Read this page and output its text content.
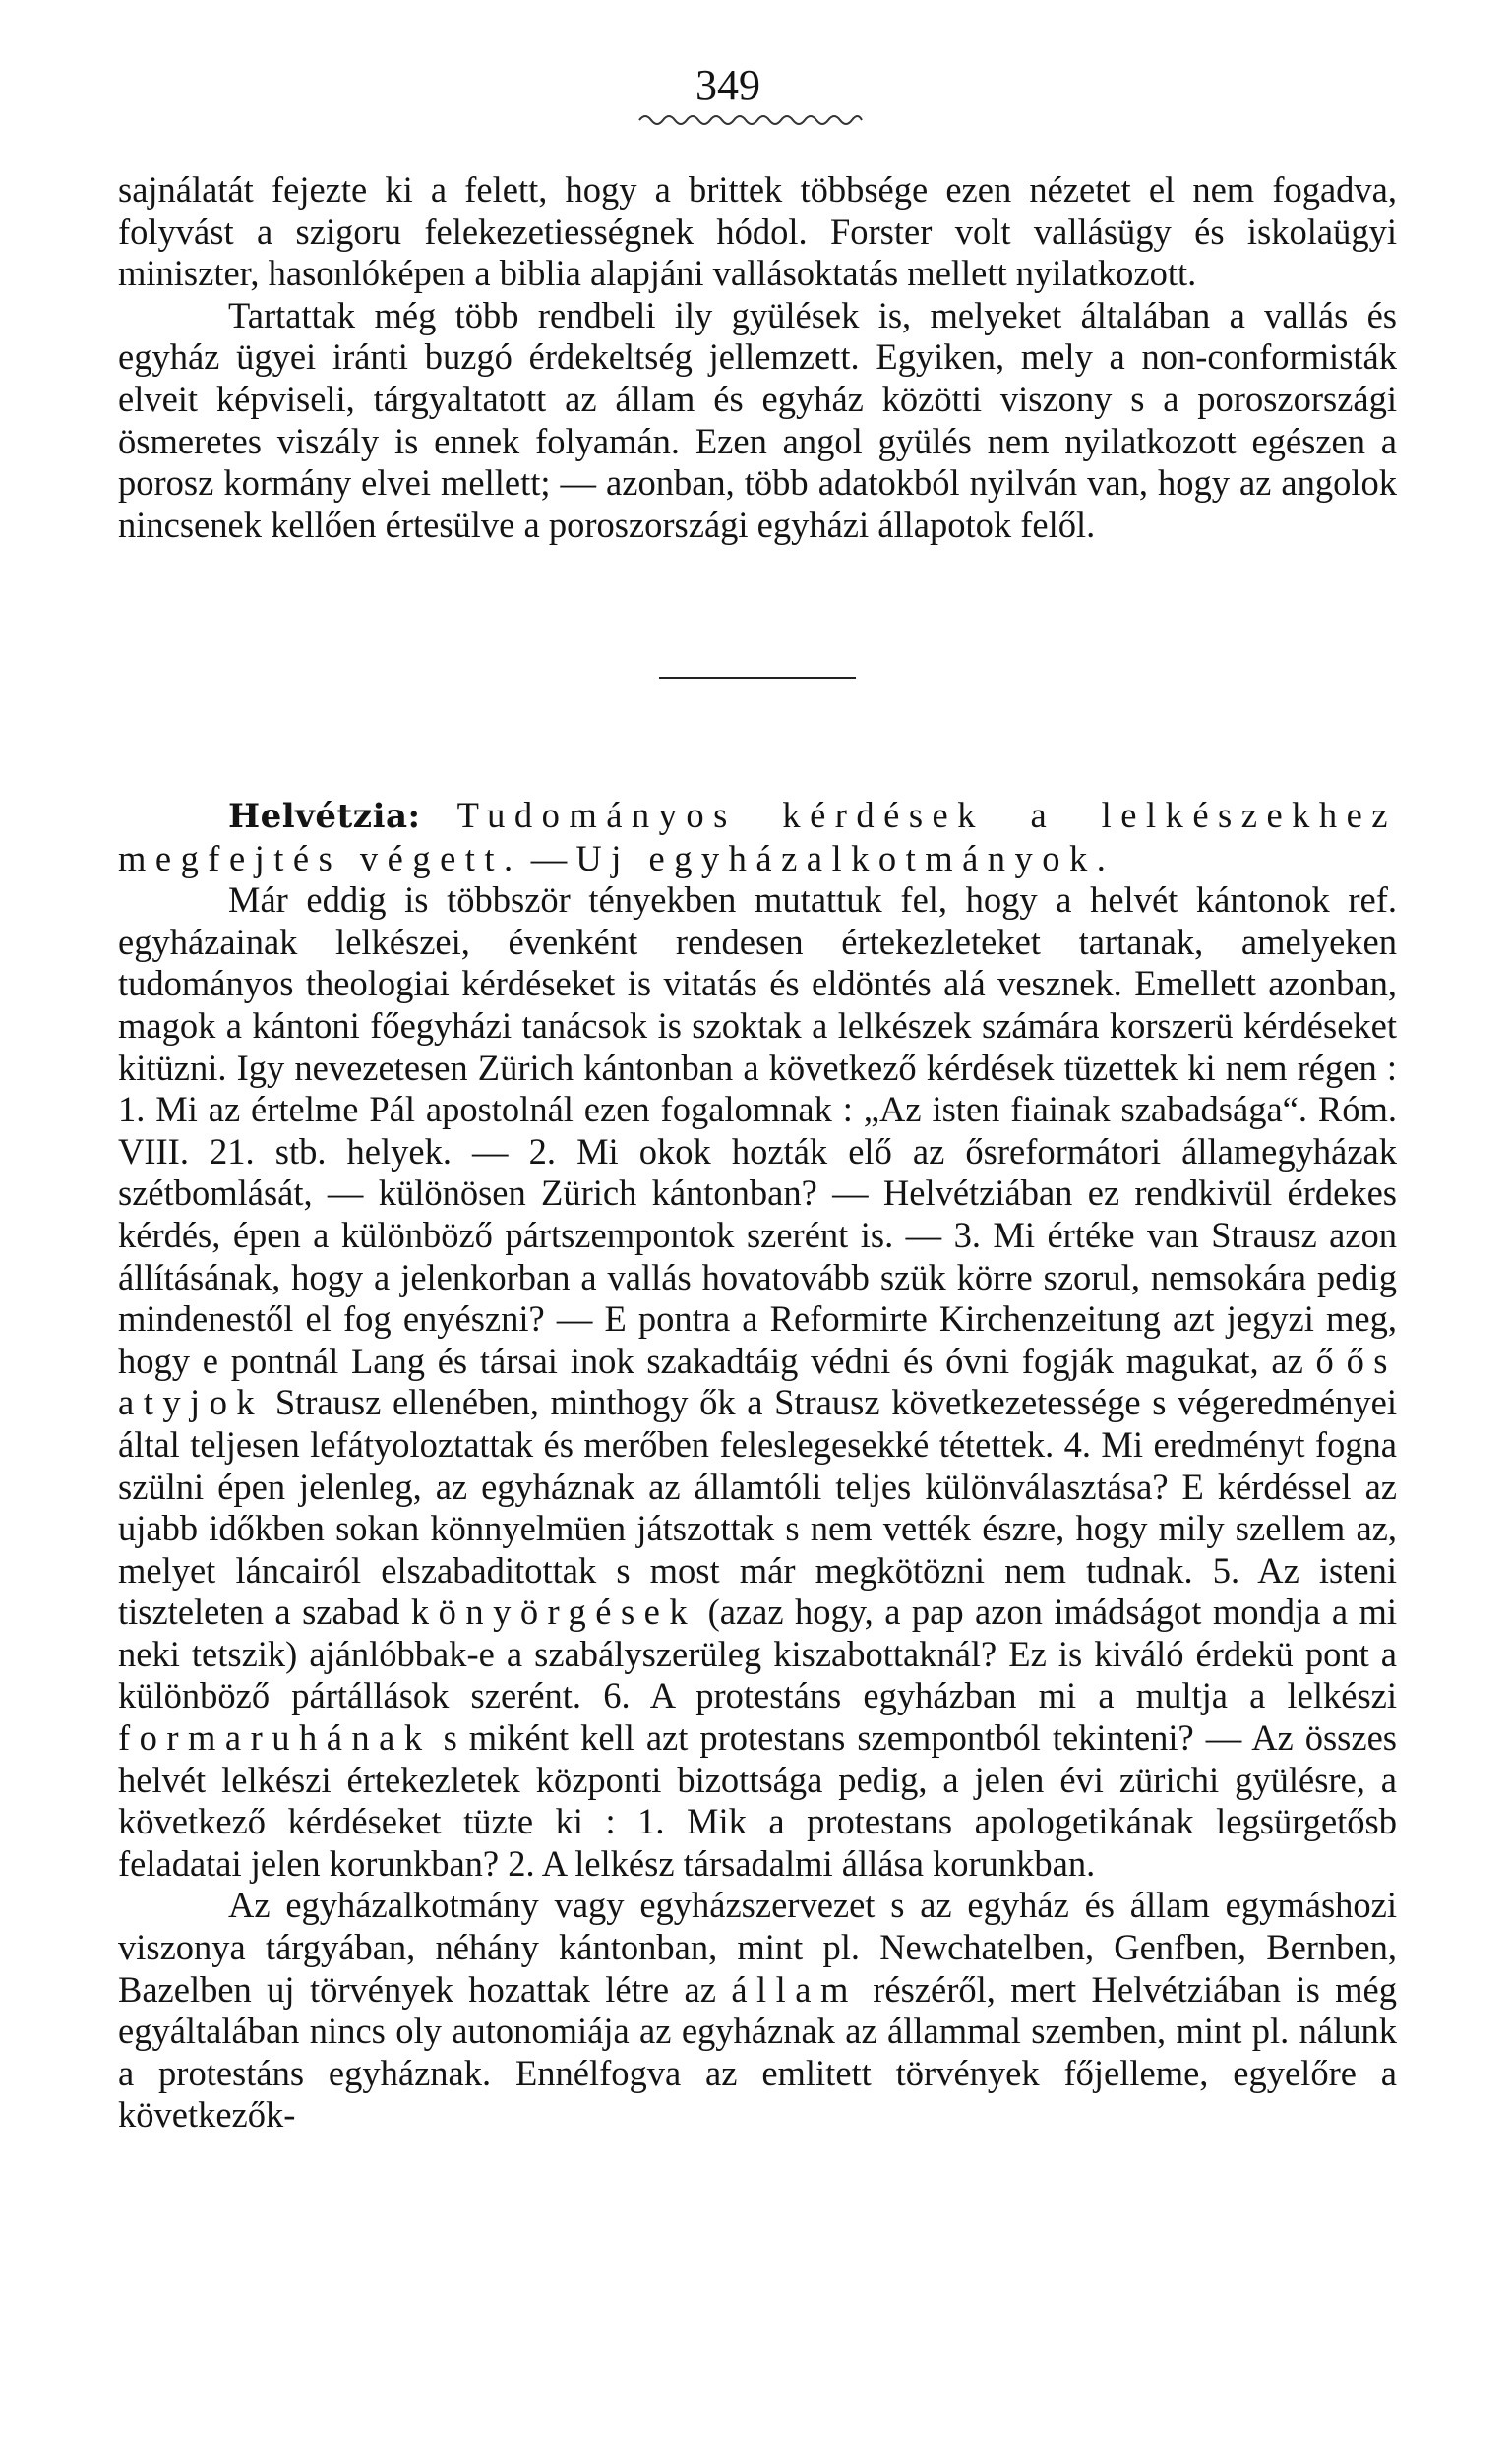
349

sajnálatát fejezte ki a felett, hogy a brittek többsége ezen nézetet el nem fogadva, folyvást a szigoru felekezetiességnek hódol. Forster volt vallásügy és iskolaügyi miniszter, hasonlóképen a biblia alapjáni vallásoktatás mellett nyilatkozott.

Tartattak még több rendbeli ily gyülések is, melyeket általában a vallás és egyház ügyei iránti buzgó érdekeltség jellemzett. Egyiken, mely a non-conformisták elveit képviseli, tárgyaltatott az állam és egyház közötti viszony s a poroszországi ösmeretes viszály is ennek folyamán. Ezen angol gyülés nem nyilatkozott egészen a porosz kormány elvei mellett; — azonban, több adatokból nyilván van, hogy az angolok nincsenek kellően értesülve a poroszországi egyházi állapotok felől.

Helvétzia: Tudományos kérdések a lelkészekhez megfejtés végett. — Uj egyházalkotmányok.

Már eddig is többször tényekben mutattuk fel, hogy a helvét kántonok ref. egyházainak lelkészei, évenként rendesen értekezleteket tartanak, amelyeken tudományos theologiai kérdéseket is vitatás és eldöntés alá vesznek. Emellett azonban, magok a kántoni főegyházi tanácsok is szoktak a lelkészek számára korszerü kérdéseket kitüzni. Igy nevezetesen Zürich kántonban a következő kérdések tüzettek ki nem régen : 1. Mi az értelme Pál apostolnál ezen fogalomnak : „Az isten fiainak szabadsága“. Róm. VIII. 21. stb. helyek. — 2. Mi okok hozták elő az ősreformátori államegyházak szétbomlását, — különösen Zürich kántonban? — Helvétziában ez rendkivül érdekes kérdés, épen a különböző pártszempontok szerént is. — 3. Mi értéke van Strausz azon állításának, hogy a jelenkorban a vallás hovatovább szük körre szorul, nemsokára pedig mindenestől el fog enyészni? — E pontra a Reformirte Kirchenzeitung azt jegyzi meg, hogy e pontnál Lang és társai inok szakadtáig védni és óvni fogják magukat, az ő ős atyjok Strausz ellenében, minthogy ők a Strausz következetessége s végeredményei által teljesen lefátyoloztattak és merőben feleslegesekké tétettek. 4. Mi eredményt fogna szülni épen jelenleg, az egyháznak az államtóli teljes különválasztása? E kérdéssel az ujabb időkben sokan könnyelmüen játszottak s nem vették észre, hogy mily szellem az, melyet láncairól elszabaditottak s most már megkötözni nem tudnak. 5. Az isteni tiszteleten a szabad könyörgések (azaz hogy, a pap azon imádságot mondja a mi neki tetszik) ajánlóbbak-e a szabályszerüleg kiszabottaknál? Ez is kiváló érdekü pont a különböző pártállások szerént. 6. A protestáns egyházban mi a multja a lelkészi formaruhának s miként kell azt protestans szempontból tekinteni? — Az összes helvét lelkészi értekezletek központi bizottsága pedig, a jelen évi zürichi gyülésre, a következő kérdéseket tüzte ki : 1. Mik a protestans apologetikának legsürgetősb feladatai jelen korunkban? 2. A lelkész társadalmi állása korunkban.

Az egyházalkotmány vagy egyházszervezet s az egyház és állam egymáshozi viszonya tárgyában, néhány kántonban, mint pl. Newchatelben, Genfben, Bernben, Bazelben uj törvények hozattak létre az állam részéről, mert Helvétziában is még egyáltalában nincs oly autonomiája az egyháznak az állammal szemben, mint pl. nálunk a protestáns egyháznak. Ennélfogva az emlitett törvények főjelleme, egyelőre a következők-
